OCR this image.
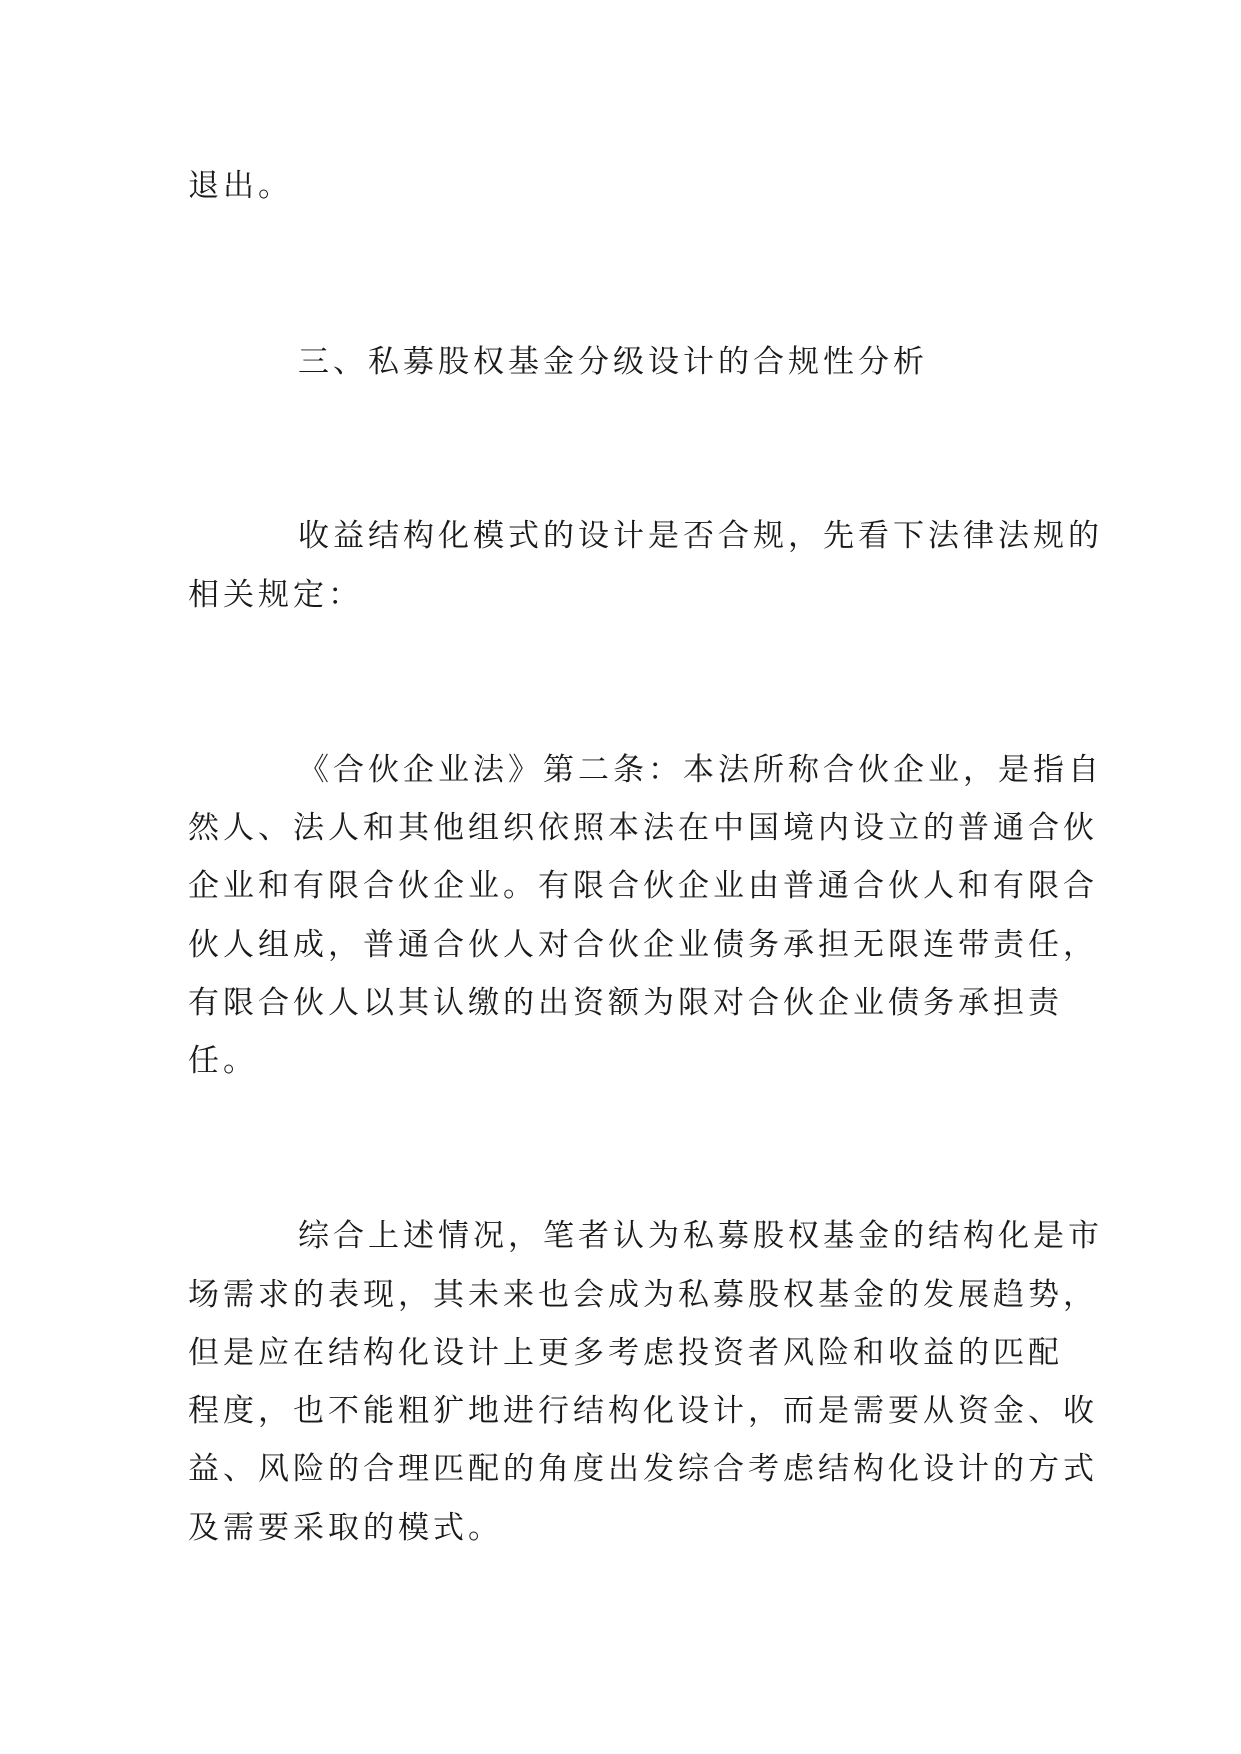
退出。
三、私募股权基金分级设计的合规性分析
收益结构化模式的设计是否合规，先看下法律法规的
相关规定：
《合伙企业法》第二条：本法所称合伙企业，是指自
然人、法人和其他组织依照本法在中国境内设立的普通合伙
企业和有限合伙企业。有限合伙企业由普通合伙人和有限合
伙人组成，普通合伙人对合伙企业债务承担无限连带责任，
有限合伙人以其认缴的出资额为限对合伙企业债务承担责
任。
综合上述情况，笔者认为私募股权基金的结构化是市
场需求的表现，其未来也会成为私募股权基金的发展趋势，
但是应在结构化设计上更多考虑投资者风险和收益的匹配
程度，也不能粗犷地进行结构化设计，而是需要从资金、收
益、风险的合理匹配的角度出发综合考虑结构化设计的方式
及需要采取的模式。
